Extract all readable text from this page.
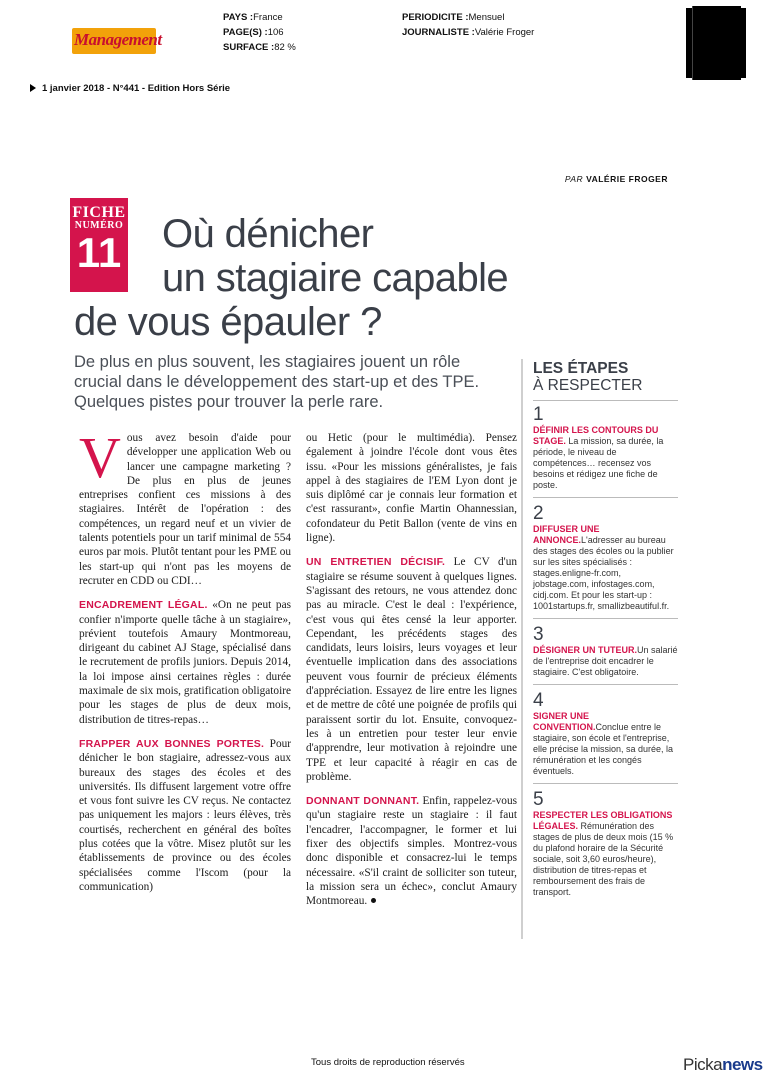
Management
PAYS :France
PAGE(S) :106
SURFACE :82 %
PERIODICITE :Mensuel
JOURNALISTE :Valérie Froger
1 janvier 2018 - N°441 - Edition Hors Série
PAR VALÉRIE FROGER
FICHE
NUMÉRO
11	Où dénicher
un stagiaire capable
de vous épauler ?
De plus en plus souvent, les stagiaires jouent un rôle crucial dans le développement des start-up et des TPE. Quelques pistes pour trouver la perle rare.

Vous avez besoin d'aide pour développer une application Web ou lancer une campagne marketing ? De plus en plus de jeunes entreprises confient ces missions à des stagiaires. Intérêt de l'opération : des compétences, un regard neuf et un vivier de talents potentiels pour un tarif minimal de 554 euros par mois. Plutôt tentant pour les PME ou les start-up qui n'ont pas les moyens de recruter en CDD ou CDI…

ENCADREMENT LÉGAL. «On ne peut pas confier n'importe quelle tâche à un stagiaire», prévient toutefois Amaury Montmoreau, dirigeant du cabinet AJ Stage, spécialisé dans le recrutement de profils juniors. Depuis 2014, la loi impose ainsi certaines règles : durée maximale de six mois, gratification obligatoire pour les stages de plus de deux mois, distribution de titres-repas…

FRAPPER AUX BONNES PORTES. Pour dénicher le bon stagiaire, adressez-vous aux bureaux des stages des écoles et des universités. Ils diffusent largement votre offre et vous font suivre les CV reçus. Ne contactez pas uniquement les majors : leurs élèves, très courtisés, recherchent en général des boîtes plus cotées que la vôtre. Misez plutôt sur les établissements de province ou des écoles spécialisées comme l'Iscom (pour la communication)

ou Hetic (pour le multimédia). Pensez également à joindre l'école dont vous êtes issu. «Pour les missions généralistes, je fais appel à des stagiaires de l'EM Lyon dont je suis diplômé car je connais leur formation et c'est rassurant», confie Martin Ohannessian, cofondateur du Petit Ballon (vente de vins en ligne).

UN ENTRETIEN DÉCISIF. Le CV d'un stagiaire se résume souvent à quelques lignes. S'agissant des retours, ne vous attendez donc pas au miracle. C'est le deal : l'expérience, c'est vous qui êtes censé la leur apporter. Cependant, les précédents stages des candidats, leurs loisirs, leurs voyages et leur éventuelle implication dans des associations peuvent vous fournir de précieux éléments d'appréciation. Essayez de lire entre les lignes et de mettre de côté une poignée de profils qui paraissent sortir du lot. Ensuite, convoquez-les à un entretien pour tester leur envie d'apprendre, leur motivation à rejoindre une TPE et leur capacité à réagir en cas de problème.

DONNANT DONNANT. Enfin, rappelez-vous qu'un stagiaire reste un stagiaire : il faut l'encadrer, l'accompagner, le former et lui fixer des objectifs simples. Montrez-vous donc disponible et consacrez-lui le temps nécessaire. «S'il craint de solliciter son tuteur, la mission sera un échec», conclut Amaury Montmoreau.

LES ÉTAPES
À RESPECTER
1
DÉFINIR LES CONTOURS DU STAGE. La mission, sa durée, la période, le niveau de compétences… recensez vos besoins et rédigez une fiche de poste.
2
DIFFUSER UNE ANNONCE.L'adresser au bureau des stages des écoles ou la publier sur les sites spécialisés : stages.enligne-fr.com, jobstage.com, infostages.com, cidj.com. Et pour les start-up : 1001startups.fr, smallizbeautiful.fr.
3
DÉSIGNER UN TUTEUR.Un salarié de l'entreprise doit encadrer le stagiaire. C'est obligatoire.
4
SIGNER UNE CONVENTION.Conclue entre le stagiaire, son école et l'entreprise, elle précise la mission, sa durée, la rémunération et les congés éventuels.
5
RESPECTER LES OBLIGATIONS LÉGALES. Rémunération des stages de plus de deux mois (15 % du plafond horaire de la Sécurité sociale, soit 3,60 euros/heure), distribution de titres-repas et remboursement des frais de transport.
Tous droits de reproduction réservés	Pickanews
